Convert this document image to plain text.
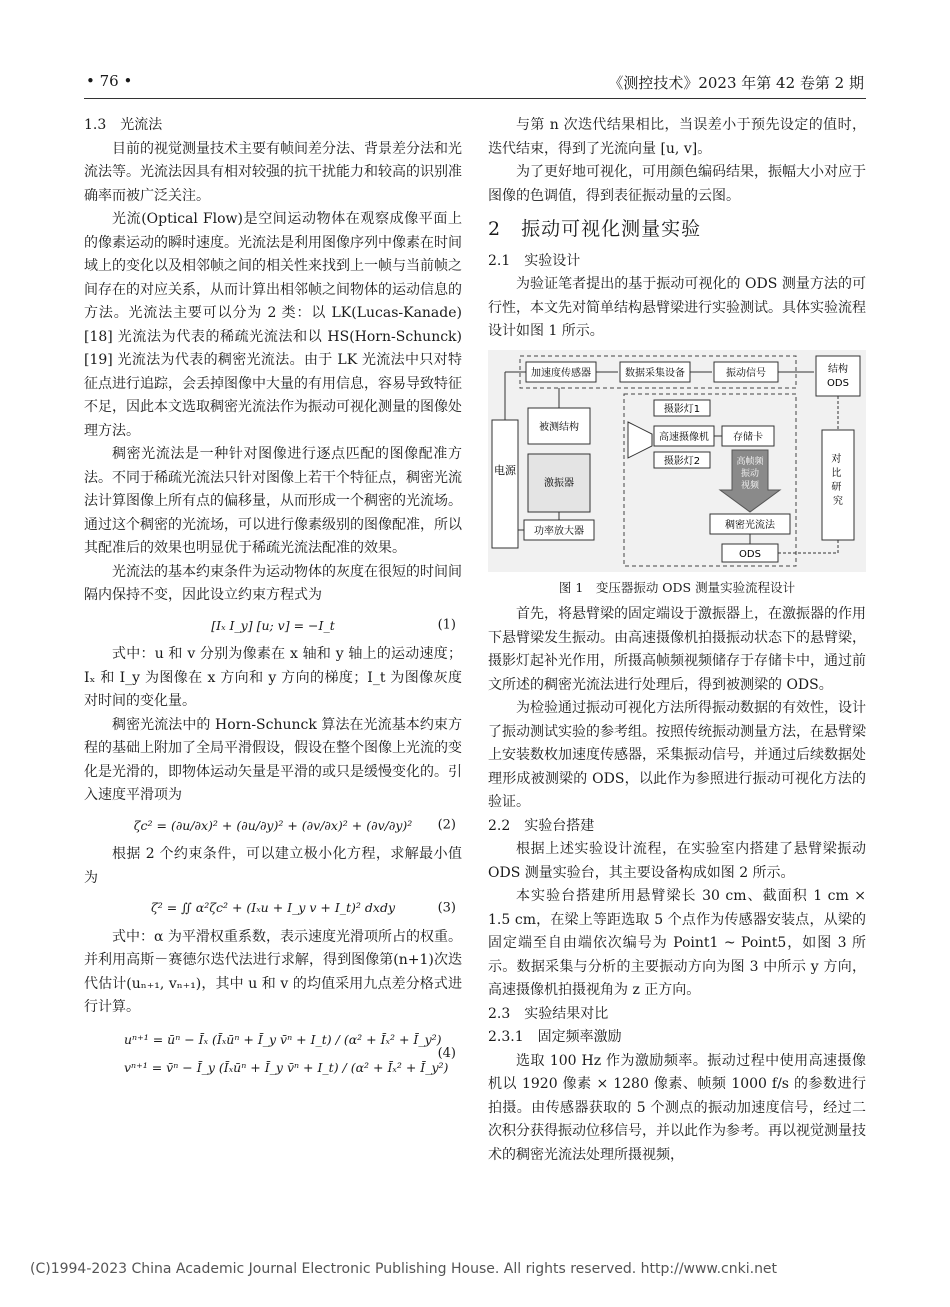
• 76 •	《测控技术》2023 年第 42 卷第 2 期

1.3　光流法

目前的视觉测量技术主要有帧间差分法、背景差分法和光流法等。光流法因具有相对较强的抗干扰能力和较高的识别准确率而被广泛关注。

光流(Optical Flow)是空间运动物体在观察成像平面上的像素运动的瞬时速度。光流法是利用图像序列中像素在时间域上的变化以及相邻帧之间的相关性来找到上一帧与当前帧之间存在的对应关系，从而计算出相邻帧之间物体的运动信息的方法。光流法主要可以分为 2 类：以 LK(Lucas-Kanade)[18] 光流法为代表的稀疏光流法和以 HS(Horn-Schunck)[19] 光流法为代表的稠密光流法。由于 LK 光流法中只对特征点进行追踪，会丢掉图像中大量的有用信息，容易导致特征不足，因此本文选取稠密光流法作为振动可视化测量的图像处理方法。

稠密光流法是一种针对图像进行逐点匹配的图像配准方法。不同于稀疏光流法只针对图像上若干个特征点，稠密光流法计算图像上所有点的偏移量，从而形成一个稠密的光流场。通过这个稠密的光流场，可以进行像素级别的图像配准，所以其配准后的效果也明显优于稀疏光流法配准的效果。

光流法的基本约束条件为运动物体的灰度在很短的时间间隔内保持不变，因此设立约束方程式为

[Iₓ I_y] [u; v] = −I_t	(1)

式中：u 和 v 分别为像素在 x 轴和 y 轴上的运动速度；Iₓ 和 I_y 为图像在 x 方向和 y 方向的梯度；I_t 为图像灰度对时间的变化量。

稠密光流法中的 Horn-Schunck 算法在光流基本约束方程的基础上附加了全局平滑假设，假设在整个图像上光流的变化是光滑的，即物体运动矢量是平滑的或只是缓慢变化的。引入速度平滑项为

ζc² = (∂u/∂x)² + (∂u/∂y)² + (∂v/∂x)² + (∂v/∂y)² (2)

根据 2 个约束条件，可以建立极小化方程，求解最小值为

ζ² = ∬ α²ζc² + (Iₓu + I_y v + I_t)² dxdy	(3)

式中：α 为平滑权重系数，表示速度光滑项所占的权重。并利用高斯－赛德尔迭代法进行求解，得到图像第(n+1)次迭代估计(uₙ₊₁, vₙ₊₁)，其中 u 和 v 的均值采用九点差分格式进行计算。

uⁿ⁺¹ = ūⁿ − Īₓ (Īₓūⁿ + Ī_y v̄ⁿ + I_t) / (α² + Īₓ² + Ī_y²)
vⁿ⁺¹ = v̄ⁿ − Ī_y (Īₓūⁿ + Ī_y v̄ⁿ + I_t) / (α² + Īₓ² + Ī_y²)
(4)

与第 n 次迭代结果相比，当误差小于预先设定的值时，迭代结束，得到了光流向量 [u, v]。

为了更好地可视化，可用颜色编码结果，振幅大小对应于图像的色调值，得到表征振动量的云图。

2　振动可视化测量实验

2.1　实验设计

为验证笔者提出的基于振动可视化的 ODS 测量方法的可行性，本文先对简单结构悬臂梁进行实验测试。具体实验流程设计如图 1 所示。

电源
加速度传感器	数据采集设备	振动信号	结构
ODS
被测结构
激振器
功率放大器
摄影灯1
高速摄像机
摄影灯2
存储卡
高帧频
振动
视频
稠密光流法
ODS
对 比 研 究
图 1　变压器振动 ODS 测量实验流程设计

首先，将悬臂梁的固定端设于激振器上，在激振器的作用下悬臂梁发生振动。由高速摄像机拍摄振动状态下的悬臂梁，摄影灯起补光作用，所摄高帧频视频储存于存储卡中，通过前文所述的稠密光流法进行处理后，得到被测梁的 ODS。

为检验通过振动可视化方法所得振动数据的有效性，设计了振动测试实验的参考组。按照传统振动测量方法，在悬臂梁上安装数枚加速度传感器，采集振动信号，并通过后续数据处理形成被测梁的 ODS，以此作为参照进行振动可视化方法的验证。

2.2　实验台搭建

根据上述实验设计流程，在实验室内搭建了悬臂梁振动 ODS 测量实验台，其主要设备构成如图 2 所示。

本实验台搭建所用悬臂梁长 30 cm、截面积 1 cm × 1.5 cm，在梁上等距选取 5 个点作为传感器安装点，从梁的固定端至自由端依次编号为 Point1 ~ Point5，如图 3 所示。数据采集与分析的主要振动方向为图 3 中所示 y 方向，高速摄像机拍摄视角为 z 正方向。

2.3　实验结果对比

2.3.1　固定频率激励

选取 100 Hz 作为激励频率。振动过程中使用高速摄像机以 1920 像素 × 1280 像素、帧频 1000 f/s 的参数进行拍摄。由传感器获取的 5 个测点的振动加速度信号，经过二次积分获得振动位移信号，并以此作为参考。再以视觉测量技术的稠密光流法处理所摄视频，

(C)1994-2023 China Academic Journal Electronic Publishing House. All rights reserved. http://www.cnki.net
